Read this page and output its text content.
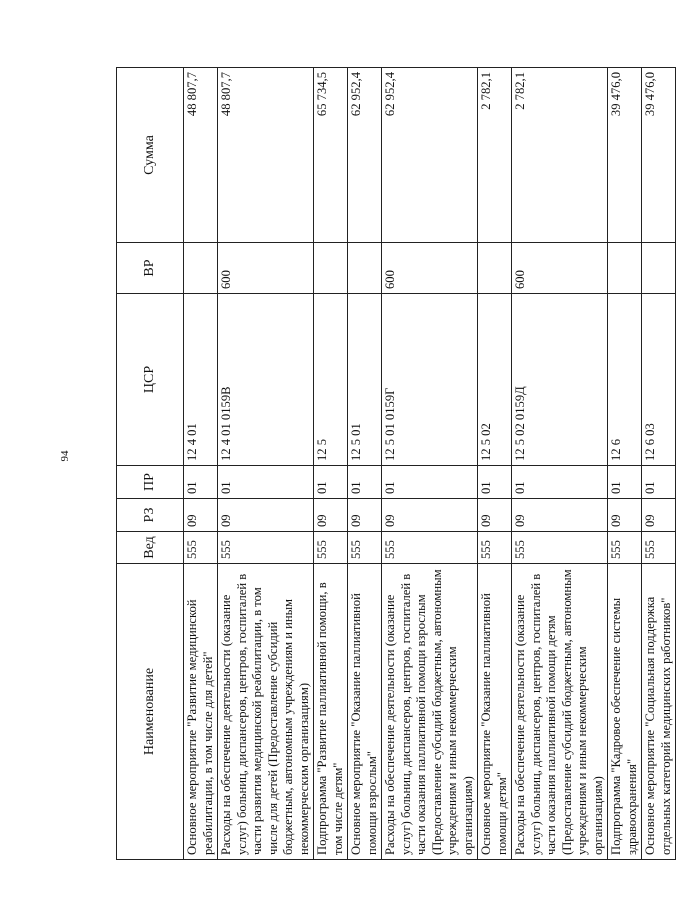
94
Наименование	Вед	РЗ	ПР	ЦСР	ВР	Сумма
Основное мероприятие "Развитие медицинской реабилитации, в том числе для детей"	555	09	01	12 4 01		48 807,7
Расходы на обеспечение деятельности (оказание услуг) больниц, диспансеров, центров, госпиталей в части развития медицинской реабилитации, в том числе для детей (Предоставление субсидий бюджетным, автономным учреждениям и иным некоммерческим организациям)	555	09	01	12 4 01 0159В	600	48 807,7
Подпрограмма "Развитие паллиативной помощи, в том числе детям"	555	09	01	12 5		65 734,5
Основное мероприятие "Оказание паллиативной помощи взрослым"	555	09	01	12 5 01		62 952,4
Расходы на обеспечение деятельности (оказание услуг) больниц, диспансеров, центров, госпиталей в части оказания паллиативной помощи взрослым (Предоставление субсидий бюджетным, автономным учреждениям и иным некоммерческим организациям)	555	09	01	12 5 01 0159Г	600	62 952,4
Основное мероприятие "Оказание паллиативной помощи детям"	555	09	01	12 5 02		2 782,1
Расходы на обеспечение деятельности (оказание услуг) больниц, диспансеров, центров, госпиталей в части оказания паллиативной помощи детям (Предоставление субсидий бюджетным, автономным учреждениям и иным некоммерческим организациям)	555	09	01	12 5 02 0159Д	600	2 782,1
Подпрограмма "Кадровое обеспечение системы здравоохранения"	555	09	01	12 6		39 476,0
Основное мероприятие "Социальная поддержка отдельных категорий медицинских работников"	555	09	01	12 6 03		39 476,0
